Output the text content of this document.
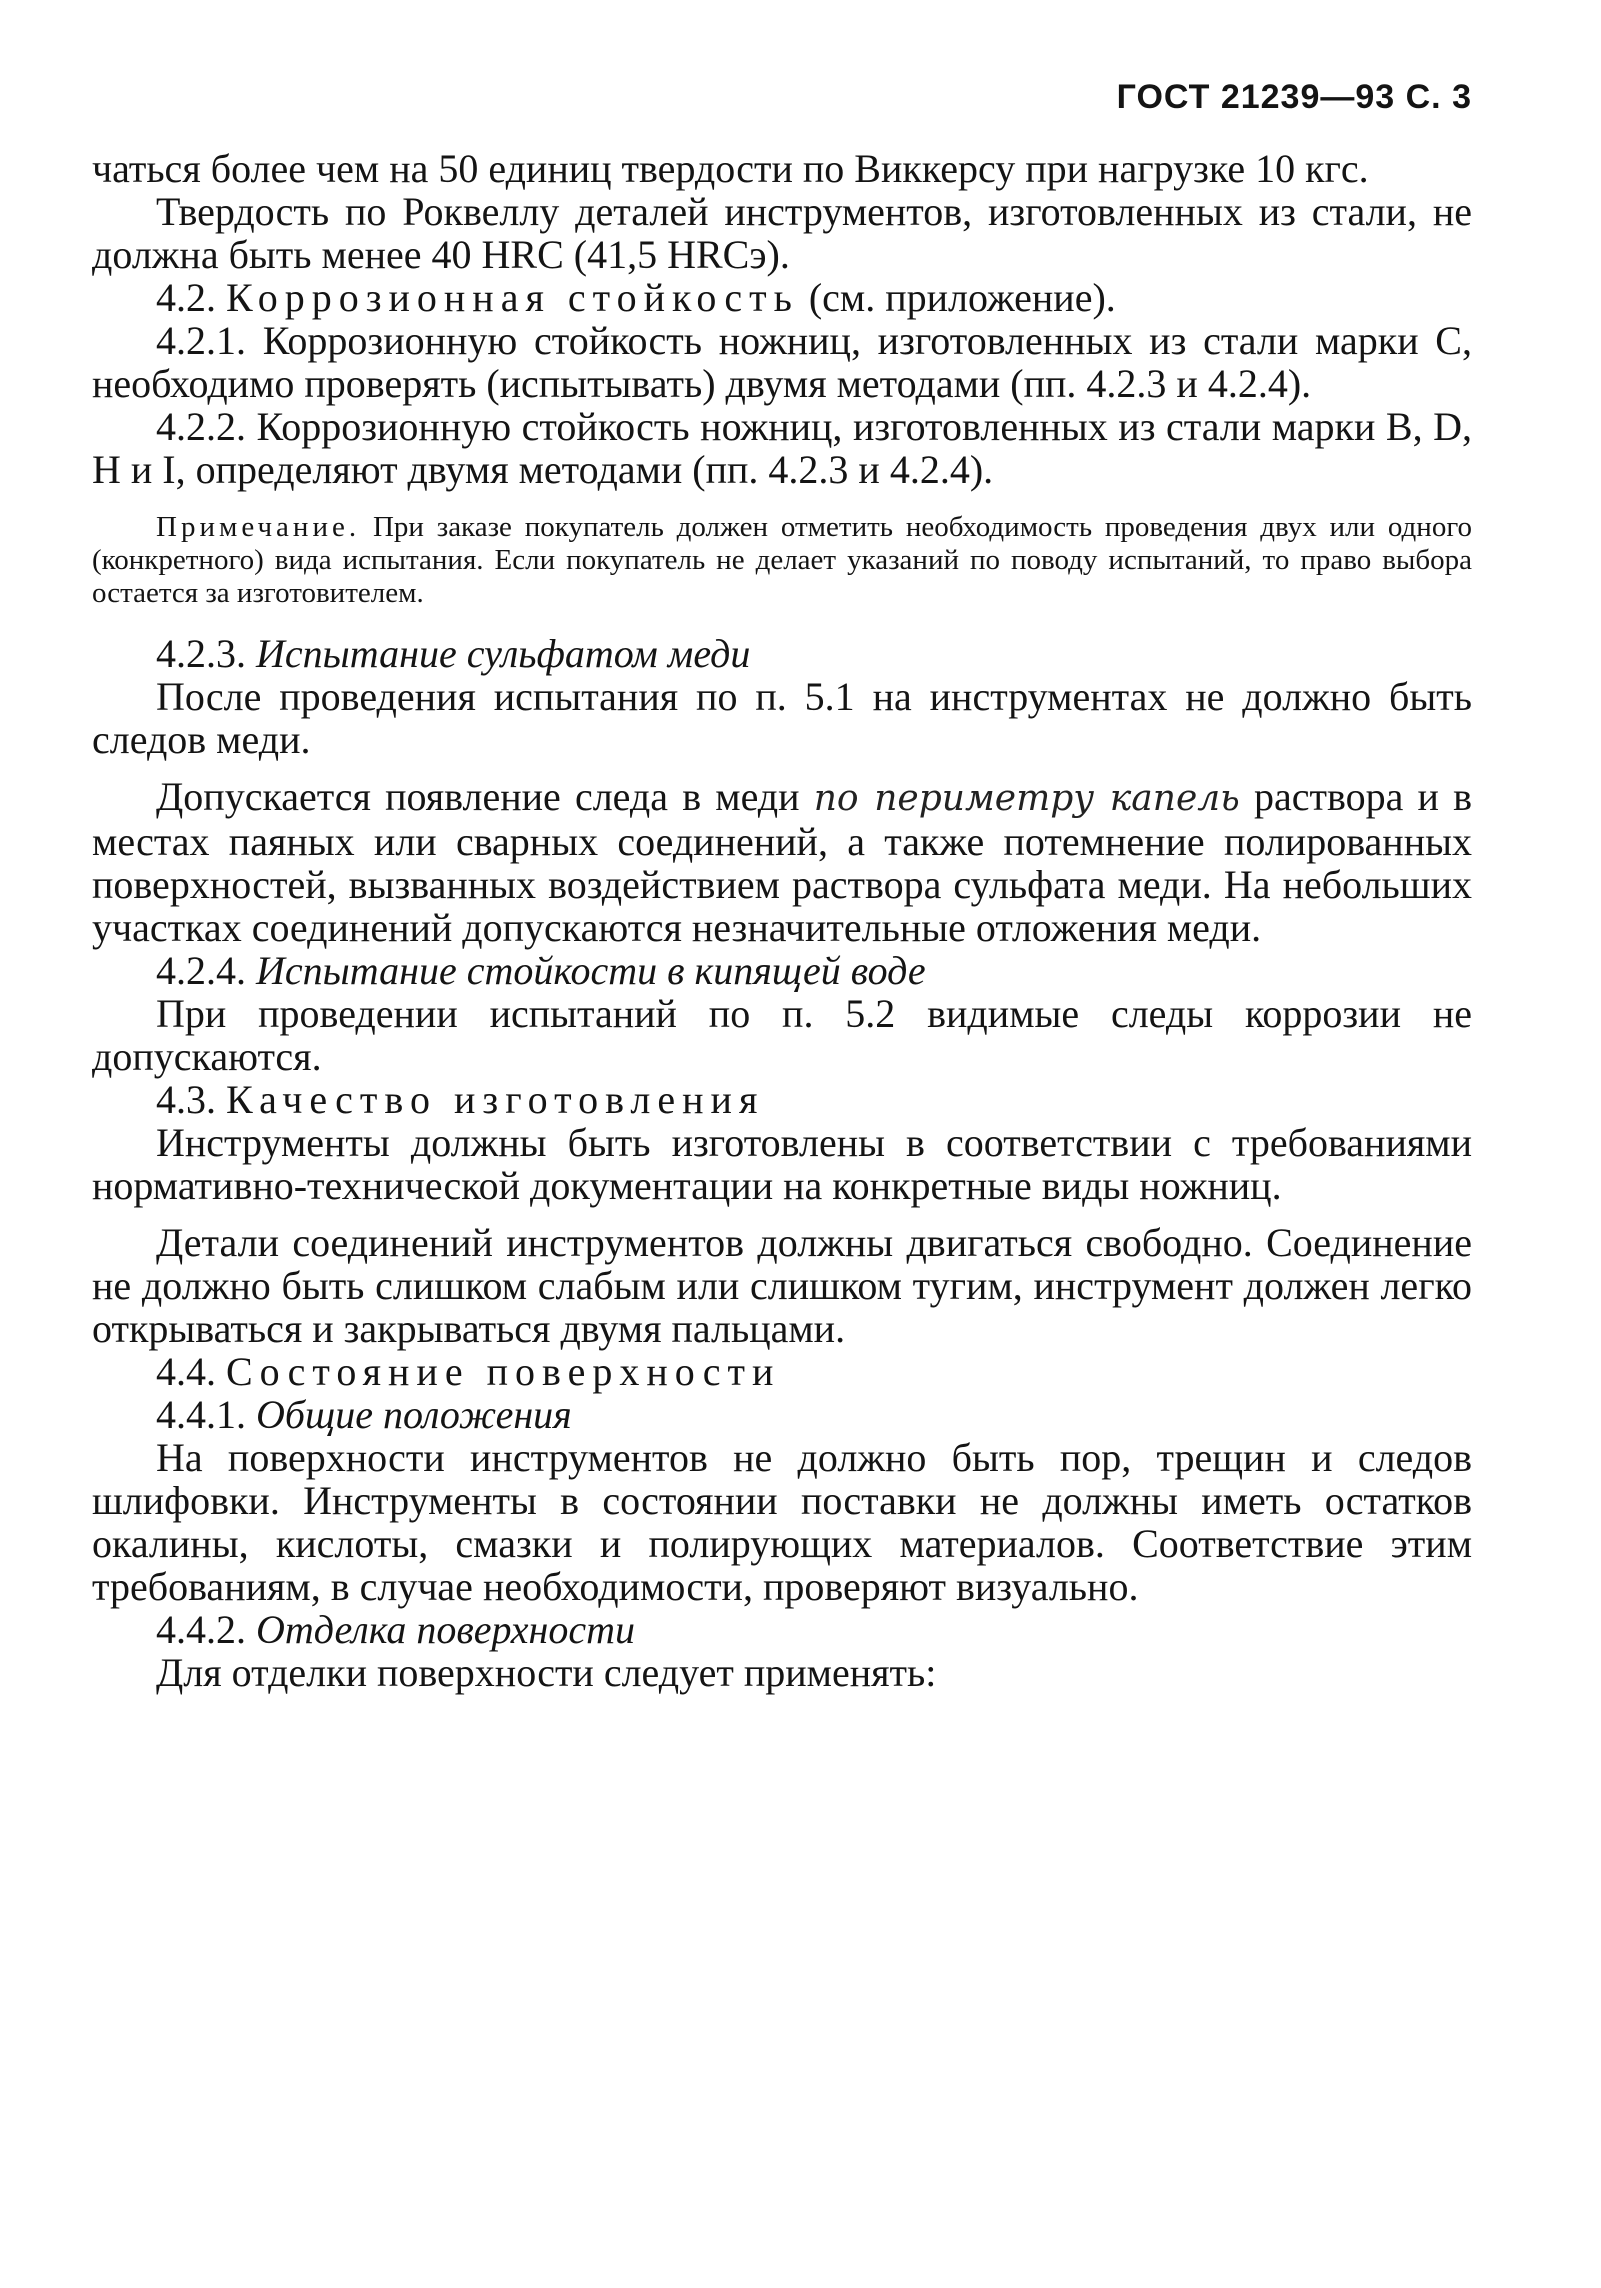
ГОСТ 21239—93 С. 3

чаться более чем на 50 единиц твердости по Виккерсу при нагрузке 10 кгс.

Твердость по Роквеллу деталей инструментов, изготовленных из стали, не должна быть менее 40 HRC (41,5 HRCэ).

4.2. Коррозионная стойкость (см. приложение).

4.2.1. Коррозионную стойкость ножниц, изготовленных из стали марки С, необходимо проверять (испытывать) двумя методами (пп. 4.2.3 и 4.2.4).

4.2.2. Коррозионную стойкость ножниц, изготовленных из стали марки B, D, H и I, определяют двумя методами (пп. 4.2.3 и 4.2.4).

Примечание. При заказе покупатель должен отметить необходимость проведения двух или одного (конкретного) вида испытания. Если покупатель не делает указаний по поводу испытаний, то право выбора остается за изготовителем.

4.2.3. Испытание сульфатом меди

После проведения испытания по п. 5.1 на инструментах не должно быть следов меди.

Допускается появление следа в меди по периметру капель раствора и в местах паяных или сварных соединений, а также потемнение полированных поверхностей, вызванных воздействием раствора сульфата меди. На небольших участках соединений допускаются незначительные отложения меди.

4.2.4. Испытание стойкости в кипящей воде

При проведении испытаний по п. 5.2 видимые следы коррозии не допускаются.

4.3. Качество изготовления

Инструменты должны быть изготовлены в соответствии с требованиями нормативно-технической документации на конкретные виды ножниц.

Детали соединений инструментов должны двигаться свободно. Соединение не должно быть слишком слабым или слишком тугим, инструмент должен легко открываться и закрываться двумя пальцами.

4.4. Состояние поверхности

4.4.1. Общие положения

На поверхности инструментов не должно быть пор, трещин и следов шлифовки. Инструменты в состоянии поставки не должны иметь остатков окалины, кислоты, смазки и полирующих материалов. Соответствие этим требованиям, в случае необходимости, проверяют визуально.

4.4.2. Отделка поверхности

Для отделки поверхности следует применять:
